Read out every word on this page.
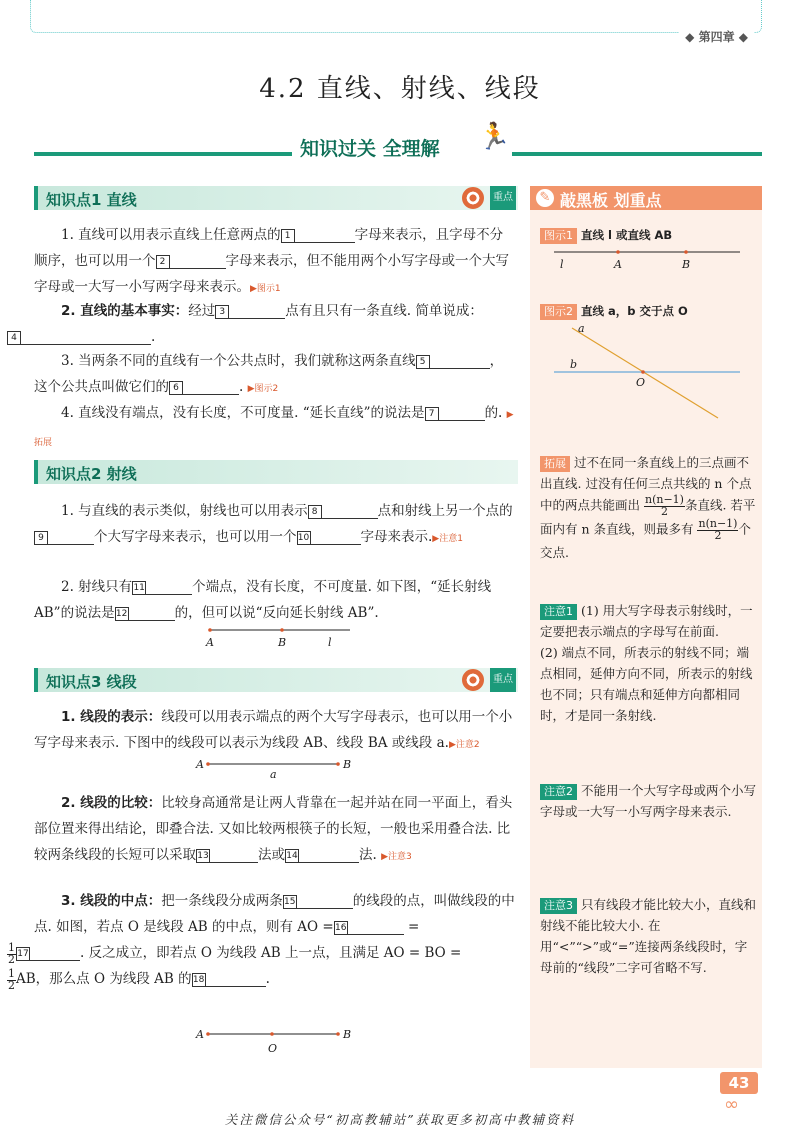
◆ 第四章 ◆
4.2 直线、射线、线段
知识过关 全理解 🏃
知识点1 直线	重点
1. 直线可以用表示直线上任意两点的 1	字母来表示，且字母不分顺序，也可以用一个 2	字母来表示，但不能用两个小写字母或一个大写字母或一大写一小写两字母来表示。▶图示1
2. 直线的基本事实：经过 3	点有且只有一条直线. 简单说成：
4	.
3. 当两条不同的直线有一个公共点时，我们就称这两条直线 5	，这个公共点叫做它们的 6	. ▶图示2
4. 直线没有端点，没有长度，不可度量. “延长直线”的说法是 7	的. ▶拓展
知识点2 射线
1. 与直线的表示类似，射线也可以用表示 8	点和射线上另一个点的9	个大写字母来表示，也可以用一个10	字母来表示.▶注意1
2. 射线只有11	个端点，没有长度，不可度量. 如下图，“延长射线 AB”的说法是12	的，但可以说“反向延长射线 AB”.
A	B	l
知识点3 线段	重点
1. 线段的表示：线段可以用表示端点的两个大写字母表示，也可以用一个小写字母来表示. 下图中的线段可以表示为线段 AB、线段 BA 或线段 a.▶注意2
A
a
B
2. 线段的比较：比较身高通常是让两人背靠在一起并站在同一平面上，看头部位置来得出结论，即叠合法. 又如比较两根筷子的长短，一般也采用叠合法. 比较两条线段的长短可以采取13	法或14	法. ▶注意3
3. 线段的中点：把一条线段分成两条15	的线段的点，叫做线段的中点. 如图，若点 O 是线段 AB 的中点，则有 AO =16	=
$\frac{1}{2}17$	. 反之成立，即若点 O 为线段 AB 上一点，且满足 AO = BO =
$\frac{1}{2}AB$，那么点 O 为线段 AB 的18	.
A
O
B
敲黑板 划重点
✎
图示1 直线 l 或直线 AB
l	A	B
图示2 直线 a，b 交于点 O
a
b
O
拓展 过不在同一条直线上的三点画不出直线. 过没有任何三点共线的 n 个点中的两点共能画出 $\frac{n(n-1)}{2}$条直线. 若平面内有 n 条直线，则最多有 $\frac{n(n-1)}{2}$个交点.
注意1 (1) 用大写字母表示射线时，一定要把表示端点的字母写在前面.
(2) 端点不同，所表示的射线不同；端点相同，延伸方向不同，所表示的射线也不同；只有端点和延伸方向都相同时，才是同一条射线.
注意2 不能用一个大写字母或两个小写字母或一大写一小写两字母来表示.
注意3 只有线段才能比较大小，直线和射线不能比较大小. 在用“<”“>”或“=”连接两条线段时，字母前的“线段”二字可省略不写.
43
∞
关注微信公众号“初高教辅站”获取更多初高中教辅资料
